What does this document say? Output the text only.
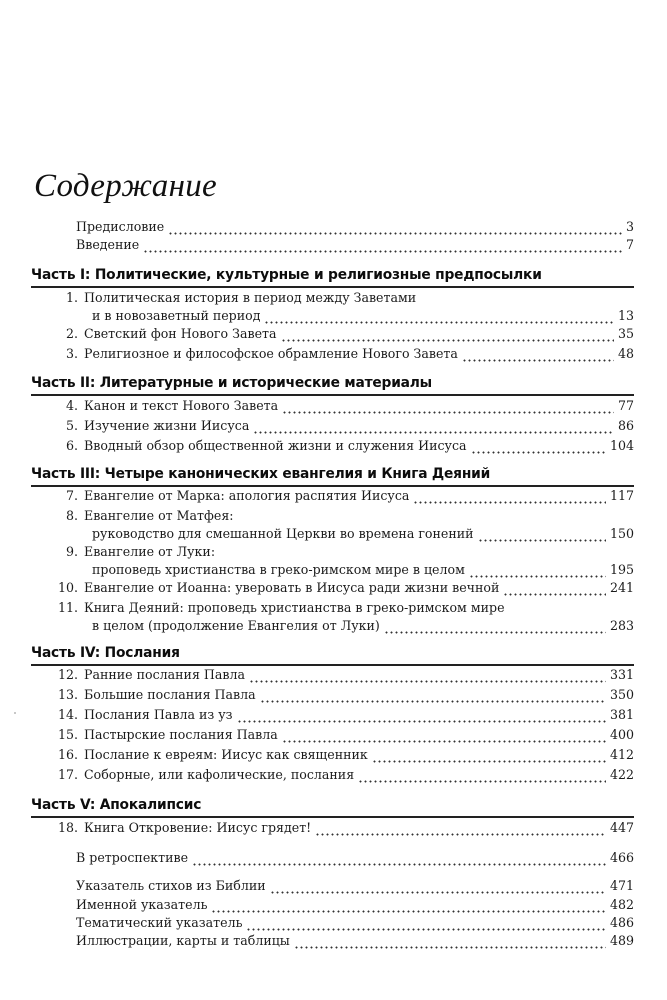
Содержание
Предисловие	3
Введение	7
Часть I: Политические, культурные и религиозные предпосылки
1. Политическая история в период между Заветами
и в новозаветный период	13
2. Светский фон Нового Завета	35
3. Религиозное и философское обрамление Нового Завета	48
Часть II: Литературные и исторические материалы
4. Канон и текст Нового Завета	77
5. Изучение жизни Иисуса	86
6. Вводный обзор общественной жизни и служения Иисуса	104
Часть III: Четыре канонических евангелия и Книга Деяний
7. Евангелие от Марка: апология распятия Иисуса	117
8. Евангелие от Матфея:
руководство для смешанной Церкви во времена гонений	150
9. Евангелие от Луки:
проповедь христианства в греко-римском мире в целом	195
10. Евангелие от Иоанна: уверовать в Иисуса ради жизни вечной	241
11. Книга Деяний: проповедь христианства в греко-римском мире
в целом (продолжение Евангелия от Луки)	283
Часть IV: Послания
12. Ранние послания Павла	331
13. Большие послания Павла	350
14. Послания Павла из уз	381
15. Пастырские послания Павла	400
16. Послание к евреям: Иисус как священник	412
17. Соборные, или кафолические, послания	422
Часть V: Апокалипсис
18. Книга Откровение: Иисус грядет!	447
В ретроспективе	466
Указатель стихов из Библии	471
Именной указатель	482
Тематический указатель	486
Иллюстрации, карты и таблицы	489
